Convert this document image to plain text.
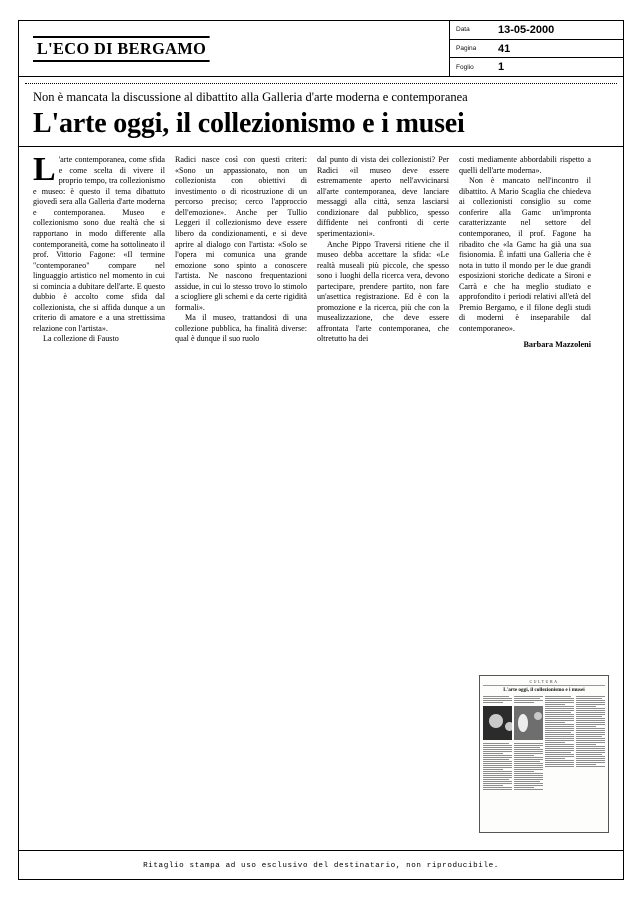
L'ECO DI BERGAMO
Data	13-05-2000
Pagina	41
Foglio	1
Non è mancata la discussione al dibattito alla Galleria d'arte moderna e contemporanea
L'arte oggi, il collezionismo e i musei

L 'arte contemporanea, come sfida e come scelta di vivere il proprio tempo, tra collezionismo e museo: è questo il tema dibattuto giovedì sera alla Galleria d'arte moderna e contemporanea. Museo e collezionismo sono due realtà che si rapportano in modo differente alla contemporaneità, come ha sottolineato il prof. Vittorio Fagone: «Il termine "contemporaneo" compare nel linguaggio artistico nel momento in cui si comincia a dubitare dell'arte. E questo dubbio è accolto come sfida dal collezionista, che si affida dunque a un criterio di amatore e a una strettissima relazione con l'artista».

La collezione di Fausto

Radici nasce così con questi criteri: «Sono un appassionato, non un collezionista con obiettivi di investimento o di ricostruzione di un percorso preciso; cerco l'approccio dell'emozione». Anche per Tullio Leggeri il collezionismo deve essere libero da condizionamenti, e si deve aprire al dialogo con l'artista: «Solo se l'opera mi comunica una grande emozione sono spinto a conoscere l'artista. Ne nascono frequentazioni assidue, in cui lo stesso trovo lo stimolo a sciogliere gli schemi e da certe rigidità formali».

Ma il museo, trattandosi di una collezione pubblica, ha finalità diverse: qual è dunque il suo ruolo

dal punto di vista dei collezionisti? Per Radici «il museo deve essere estremamente aperto nell'avvicinarsi all'arte contemporanea, deve lanciare messaggi alla città, senza lasciarsi condizionare dal pubblico, spesso diffidente nei confronti di certe sperimentazioni».

Anche Pippo Traversi ritiene che il museo debba accettare la sfida: «Le realtà museali più piccole, che spesso sono i luoghi della ricerca vera, devono partecipare, prendere partito, non fare un'asettica registrazione. Ed è con la promozione e la ricerca, più che con la musealizzazione, che deve essere affrontata l'arte contemporanea, che oltretutto ha dei

costi mediamente abbordabili rispetto a quelli dell'arte moderna».

Non è mancato nell'incontro il dibattito. A Mario Scaglia che chiedeva ai collezionisti consiglio su come conferire alla Gamc un'impronta caratterizzante nel settore del contemporaneo, il prof. Fagone ha ribadito che «la Gamc ha già una sua fisionomia. È infatti una Galleria che è nota in tutto il mondo per le due grandi esposizioni storiche dedicate a Sironi e Carrà e che ha meglio studiato e approfondito i periodi relativi all'età del Premio Bergamo, e il filone degli studi di moderni è inseparabile dal contemporaneo».

Barbara Mazzoleni
CULTURA
L'arte oggi, il collezionismo e i musei
Ritaglio stampa ad uso esclusivo del destinatario, non riproducibile.
